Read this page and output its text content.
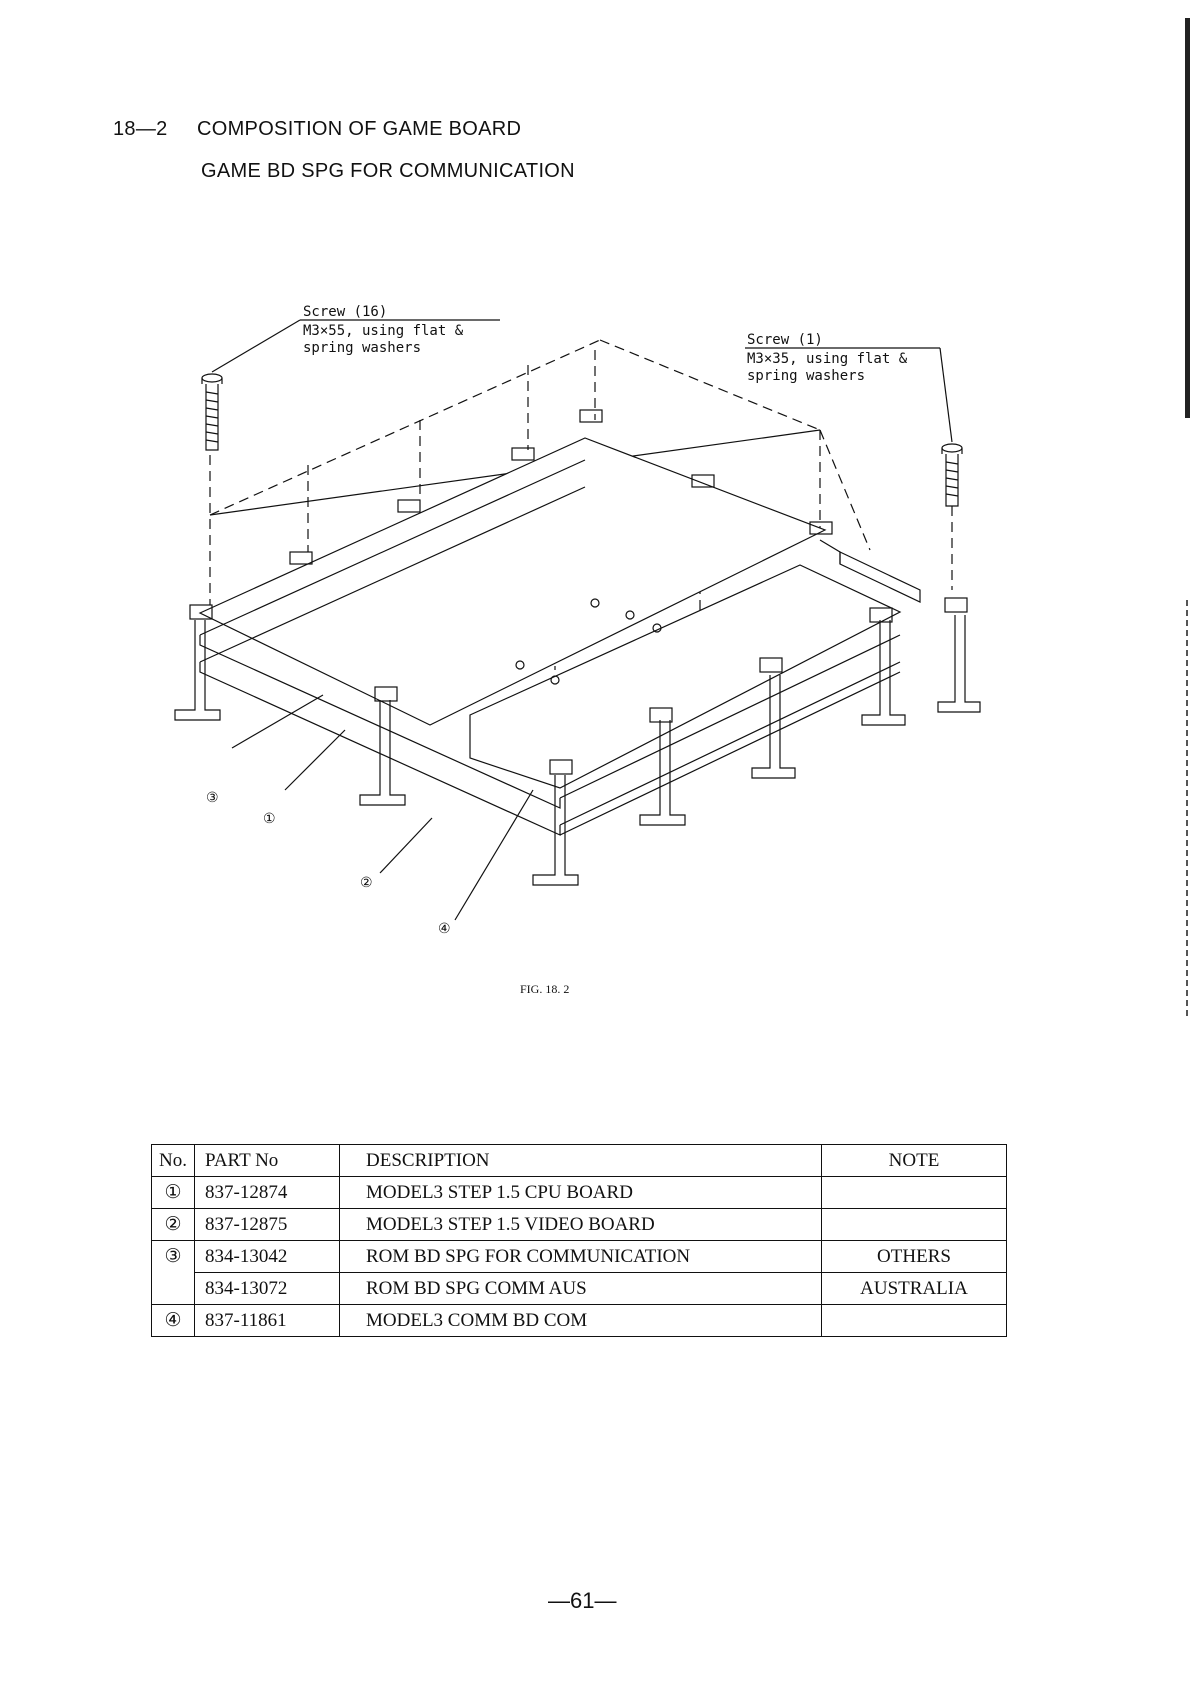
18—2 COMPOSITION OF GAME BOARD
GAME BD SPG FOR COMMUNICATION
Screw (16)
M3×55, using flat &
spring washers	Screw (1)
M3×35, using flat &
spring washers
③
①
②
④
FIG. 18. 2
No.	PART No	DESCRIPTION	NOTE
①	837-12874	MODEL3 STEP 1.5 CPU BOARD	
②	837-12875	MODEL3 STEP 1.5 VIDEO BOARD	
③	834-13042	ROM BD SPG FOR COMMUNICATION	OTHERS
	834-13072	ROM BD SPG COMM AUS	AUSTRALIA
④	837-11861	MODEL3 COMM BD COM	
—61—
